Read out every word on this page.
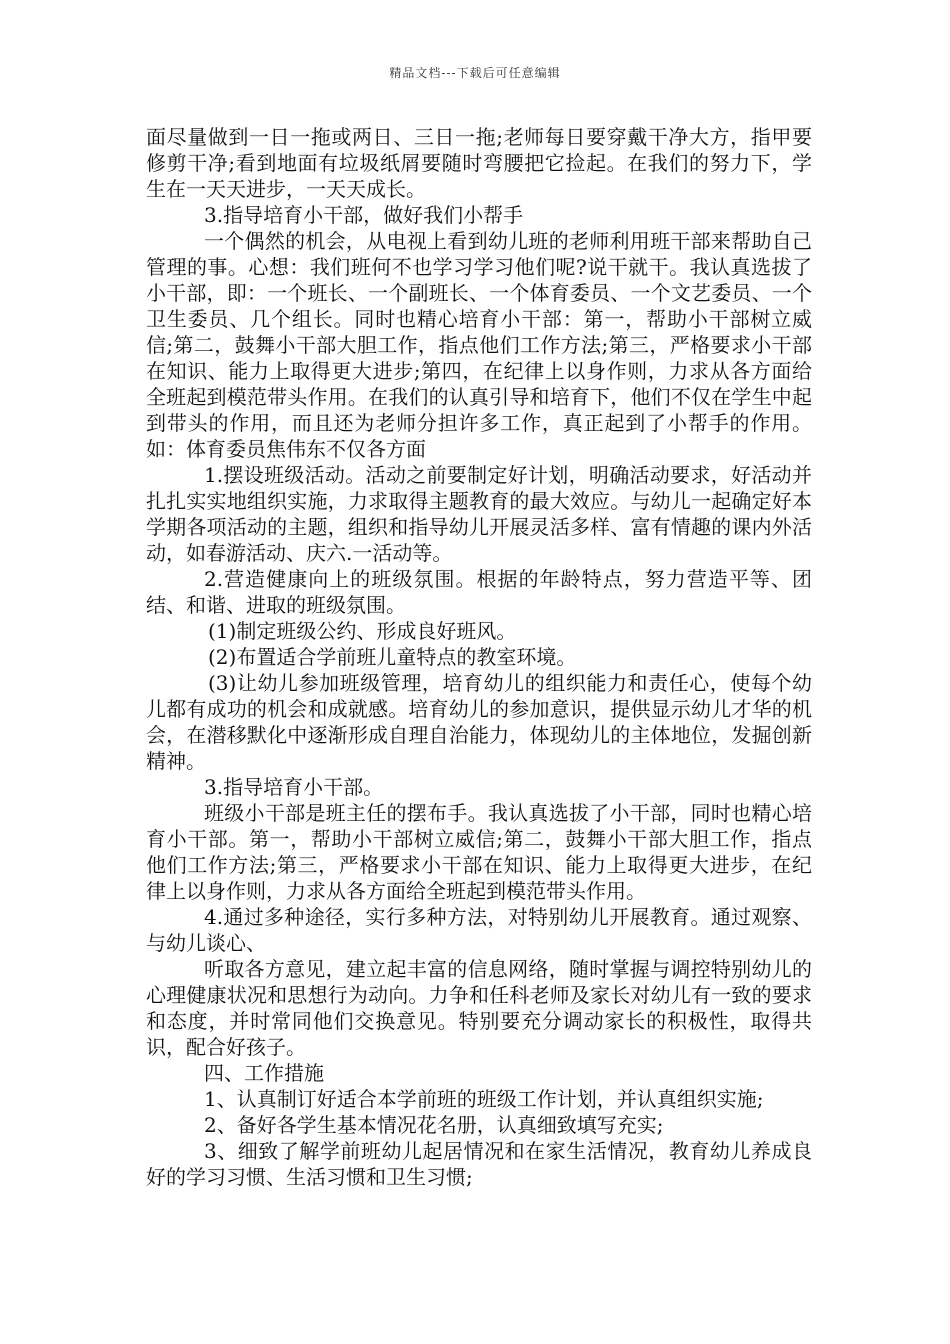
精品文档---下载后可任意编辑

面尽量做到一日一拖或两日、三日一拖;老师每日要穿戴干净大方，指甲要修剪干净;看到地面有垃圾纸屑要随时弯腰把它捡起。在我们的努力下，学生在一天天进步，一天天成长。

3.指导培育小干部，做好我们小帮手

一个偶然的机会，从电视上看到幼儿班的老师利用班干部来帮助自己管理的事。心想：我们班何不也学习学习他们呢?说干就干。我认真选拔了小干部，即：一个班长、一个副班长、一个体育委员、一个文艺委员、一个卫生委员、几个组长。同时也精心培育小干部：第一，帮助小干部树立威信;第二，鼓舞小干部大胆工作，指点他们工作方法;第三，严格要求小干部在知识、能力上取得更大进步;第四，在纪律上以身作则，力求从各方面给全班起到模范带头作用。在我们的认真引导和培育下，他们不仅在学生中起到带头的作用，而且还为老师分担许多工作，真正起到了小帮手的作用。如：体育委员焦伟东不仅各方面

1.摆设班级活动。活动之前要制定好计划，明确活动要求，好活动并扎扎实实地组织实施，力求取得主题教育的最大效应。与幼儿一起确定好本学期各项活动的主题，组织和指导幼儿开展灵活多样、富有情趣的课内外活动，如春游活动、庆六.一活动等。

2.营造健康向上的班级氛围。根据的年龄特点，努力营造平等、团结、和谐、进取的班级氛围。

(1)制定班级公约、形成良好班风。

(2)布置适合学前班儿童特点的教室环境。

(3)让幼儿参加班级管理，培育幼儿的组织能力和责任心，使每个幼儿都有成功的机会和成就感。培育幼儿的参加意识，提供显示幼儿才华的机会，在潜移默化中逐渐形成自理自治能力，体现幼儿的主体地位，发掘创新精神。

3.指导培育小干部。

班级小干部是班主任的摆布手。我认真选拔了小干部，同时也精心培育小干部。第一，帮助小干部树立威信;第二，鼓舞小干部大胆工作，指点他们工作方法;第三，严格要求小干部在知识、能力上取得更大进步，在纪律上以身作则，力求从各方面给全班起到模范带头作用。

4.通过多种途径，实行多种方法，对特别幼儿开展教育。通过观察、与幼儿谈心、

听取各方意见，建立起丰富的信息网络，随时掌握与调控特别幼儿的心理健康状况和思想行为动向。力争和任科老师及家长对幼儿有一致的要求和态度，并时常同他们交换意见。特别要充分调动家长的积极性，取得共识，配合好孩子。

四、工作措施

1、认真制订好适合本学前班的班级工作计划，并认真组织实施;

2、备好各学生基本情况花名册，认真细致填写充实;

3、细致了解学前班幼儿起居情况和在家生活情况，教育幼儿养成良好的学习习惯、生活习惯和卫生习惯;
